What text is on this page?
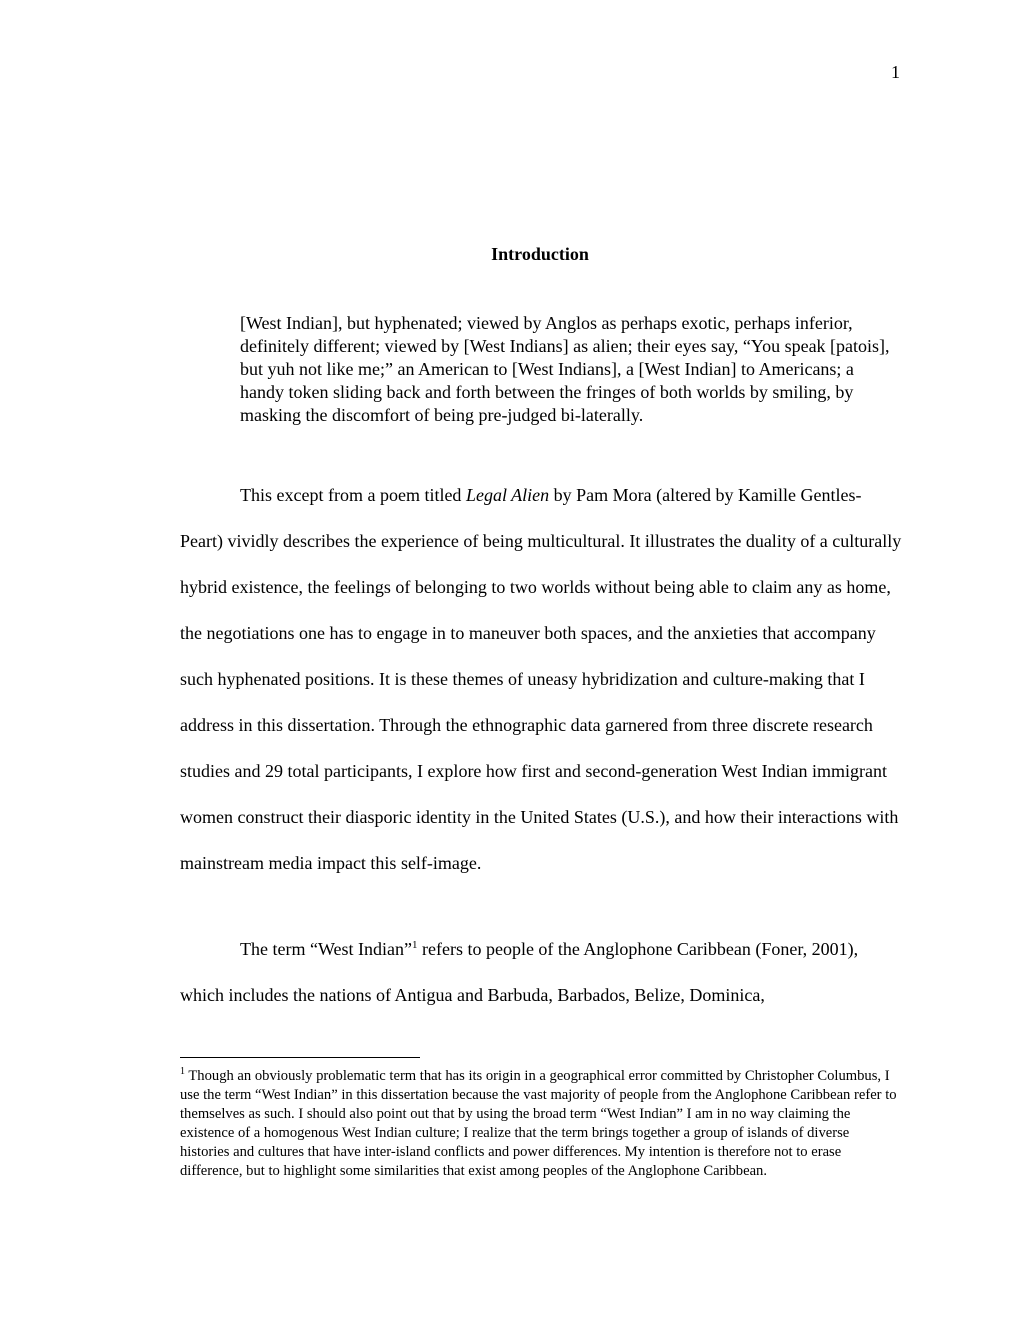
1
Introduction
[West Indian], but hyphenated; viewed by Anglos as perhaps exotic, perhaps inferior, definitely different; viewed by [West Indians] as alien; their eyes say, “You speak [patois], but yuh not like me;” an American to [West Indians], a [West Indian] to Americans; a handy token sliding back and forth between the fringes of both worlds by smiling, by masking the discomfort of being pre-judged bi-laterally.

This except from a poem titled Legal Alien by Pam Mora (altered by Kamille Gentles-Peart) vividly describes the experience of being multicultural. It illustrates the duality of a culturally hybrid existence, the feelings of belonging to two worlds without being able to claim any as home, the negotiations one has to engage in to maneuver both spaces, and the anxieties that accompany such hyphenated positions. It is these themes of uneasy hybridization and culture-making that I address in this dissertation. Through the ethnographic data garnered from three discrete research studies and 29 total participants, I explore how first and second-generation West Indian immigrant women construct their diasporic identity in the United States (U.S.), and how their interactions with mainstream media impact this self-image.

The term “West Indian”$^1$ refers to people of the Anglophone Caribbean (Foner, 2001), which includes the nations of Antigua and Barbuda, Barbados, Belize, Dominica,

$^1$ Though an obviously problematic term that has its origin in a geographical error committed by Christopher Columbus, I use the term “West Indian” in this dissertation because the vast majority of people from the Anglophone Caribbean refer to themselves as such. I should also point out that by using the broad term “West Indian” I am in no way claiming the existence of a homogenous West Indian culture; I realize that the term brings together a group of islands of diverse histories and cultures that have inter-island conflicts and power differences. My intention is therefore not to erase difference, but to highlight some similarities that exist among peoples of the Anglophone Caribbean.
